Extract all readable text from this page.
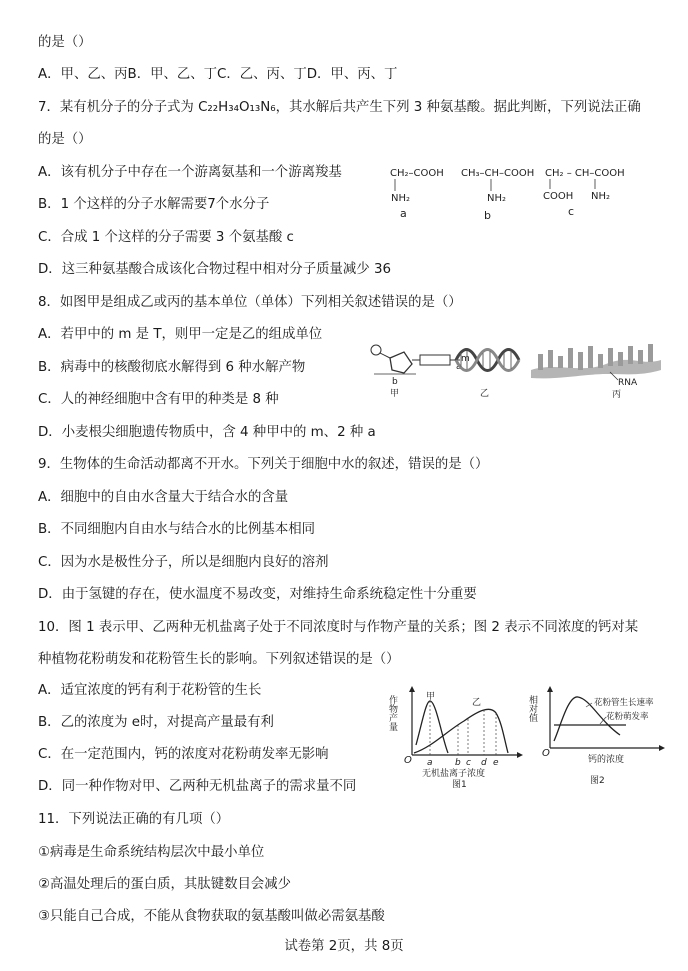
的是（）
A．甲、乙、丙B．甲、乙、丁C．乙、丙、丁D．甲、丙、丁
7．某有机分子的分子式为 C₂₂H₃₄O₁₃N₆，其水解后共产生下列 3 种氨基酸。据此判断，下列说法正确
的是（）
A．该有机分子中存在一个游离氨基和一个游离羧基
B．1 个这样的分子水解需要7个水分子
C．合成 1 个这样的分子需要 3 个氨基酸 c
D．这三种氨基酸合成该化合物过程中相对分子质量减少 36
8．如图甲是组成乙或丙的基本单位（单体）下列相关叙述错误的是（）
A．若甲中的 m 是 T，则甲一定是乙的组成单位
B．病毒中的核酸彻底水解得到 6 种水解产物
C．人的神经细胞中含有甲的种类是 8 种
D．小麦根尖细胞遗传物质中，含 4 种甲中的 m、2 种 a
9．生物体的生命活动都离不开水。下列关于细胞中水的叙述，错误的是（）
A．细胞中的自由水含量大于结合水的含量
B．不同细胞内自由水与结合水的比例基本相同
C．因为水是极性分子，所以是细胞内良好的溶剂
D．由于氢键的存在，使水温度不易改变，对维持生命系统稳定性十分重要
10．图 1 表示甲、乙两种无机盐离子处于不同浓度时与作物产量的关系；图 2 表示不同浓度的钙对某
种植物花粉萌发和花粉管生长的影响。下列叙述错误的是（）
A．适宜浓度的钙有利于花粉管的生长
B．乙的浓度为 e时，对提高产量最有利
C．在一定范围内，钙的浓度对花粉萌发率无影响
D．同一种作物对甲、乙两种无机盐离子的需求量不同
11．下列说法正确的有几项（）
①病毒是生命系统结构层次中最小单位
②高温处理后的蛋白质，其肽键数目会减少
③只能自己合成，不能从食物获取的氨基酸叫做必需氨基酸
CH₂–COOH
NH₂
a
CH₃–CH–COOH
NH₂
b
CH₂ – CH–COOH
COOH NH₂
c
m
a
b
甲	乙
RNA
丙
作物产量
O
甲
乙
a b c d e
无机盐离子浓度
图1
相对值
O
花粉管生长速率
花粉萌发率
钙的浓度
图2
试卷第 2页，共 8页
